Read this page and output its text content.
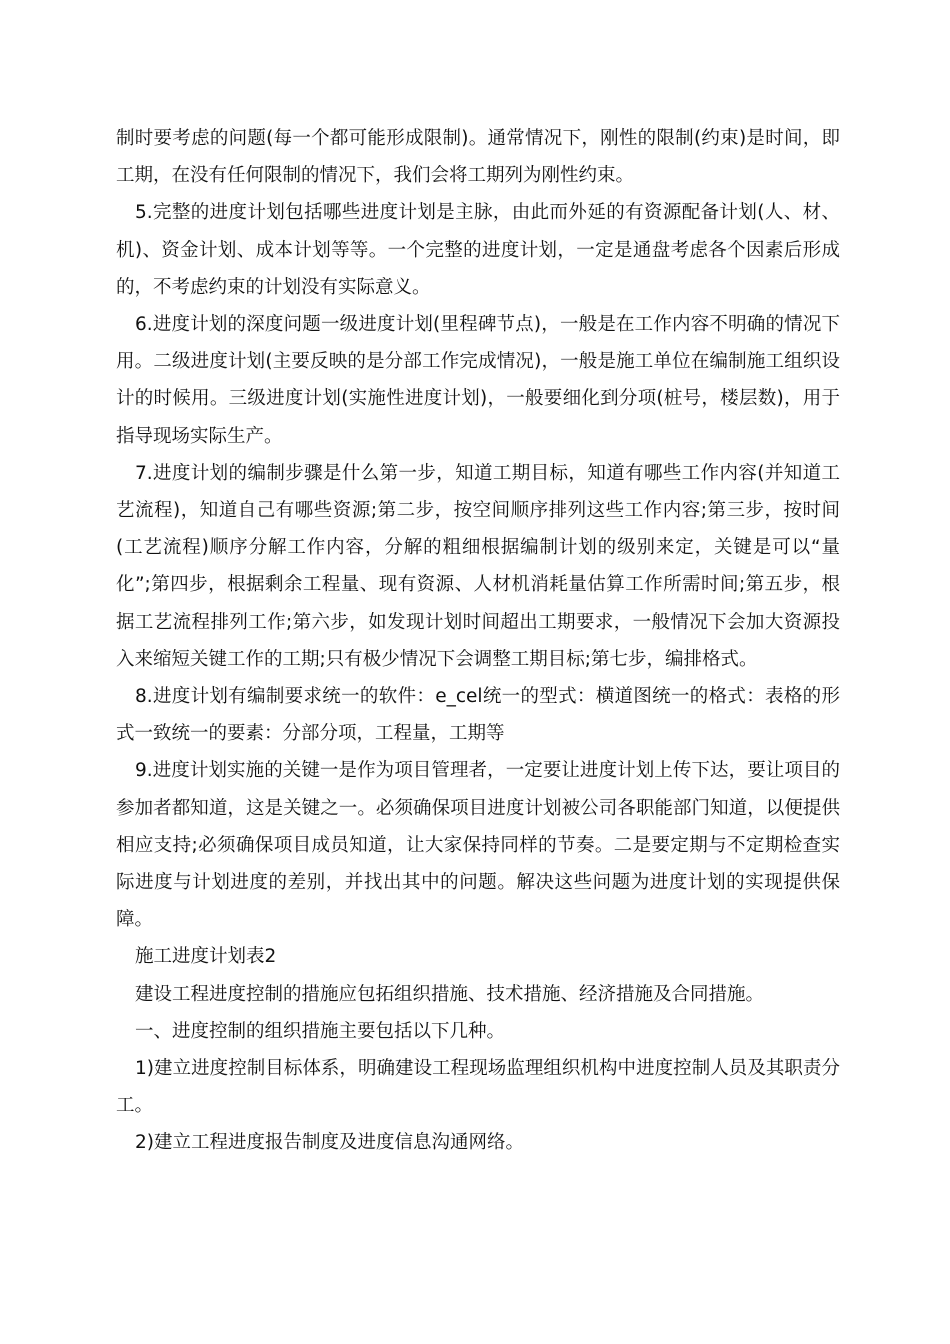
制时要考虑的问题(每一个都可能形成限制)。通常情况下，刚性的限制(约束)是时间，即工期，在没有任何限制的情况下，我们会将工期列为刚性约束。

5.完整的进度计划包括哪些进度计划是主脉，由此而外延的有资源配备计划(人、材、机)、资金计划、成本计划等等。一个完整的进度计划，一定是通盘考虑各个因素后形成的，不考虑约束的计划没有实际意义。

6.进度计划的深度问题一级进度计划(里程碑节点)，一般是在工作内容不明确的情况下用。二级进度计划(主要反映的是分部工作完成情况)，一般是施工单位在编制施工组织设计的时候用。三级进度计划(实施性进度计划)，一般要细化到分项(桩号，楼层数)，用于指导现场实际生产。

7.进度计划的编制步骤是什么第一步，知道工期目标，知道有哪些工作内容(并知道工艺流程)，知道自己有哪些资源;第二步，按空间顺序排列这些工作内容;第三步，按时间(工艺流程)顺序分解工作内容，分解的粗细根据编制计划的级别来定，关键是可以“量化”;第四步，根据剩余工程量、现有资源、人材机消耗量估算工作所需时间;第五步，根据工艺流程排列工作;第六步，如发现计划时间超出工期要求，一般情况下会加大资源投入来缩短关键工作的工期;只有极少情况下会调整工期目标;第七步，编排格式。

8.进度计划有编制要求统一的软件：e_cel统一的型式：横道图统一的格式：表格的形式一致统一的要素：分部分项，工程量，工期等

9.进度计划实施的关键一是作为项目管理者，一定要让进度计划上传下达，要让项目的参加者都知道，这是关键之一。必须确保项目进度计划被公司各职能部门知道，以便提供相应支持;必须确保项目成员知道，让大家保持同样的节奏。二是要定期与不定期检查实际进度与计划进度的差别，并找出其中的问题。解决这些问题为进度计划的实现提供保障。

施工进度计划表2

建设工程进度控制的措施应包拓组织措施、技术措施、经济措施及合同措施。

一、进度控制的组织措施主要包括以下几种。

1)建立进度控制目标体系，明确建设工程现场监理组织机构中进度控制人员及其职责分工。

2)建立工程进度报告制度及进度信息沟通网络。
